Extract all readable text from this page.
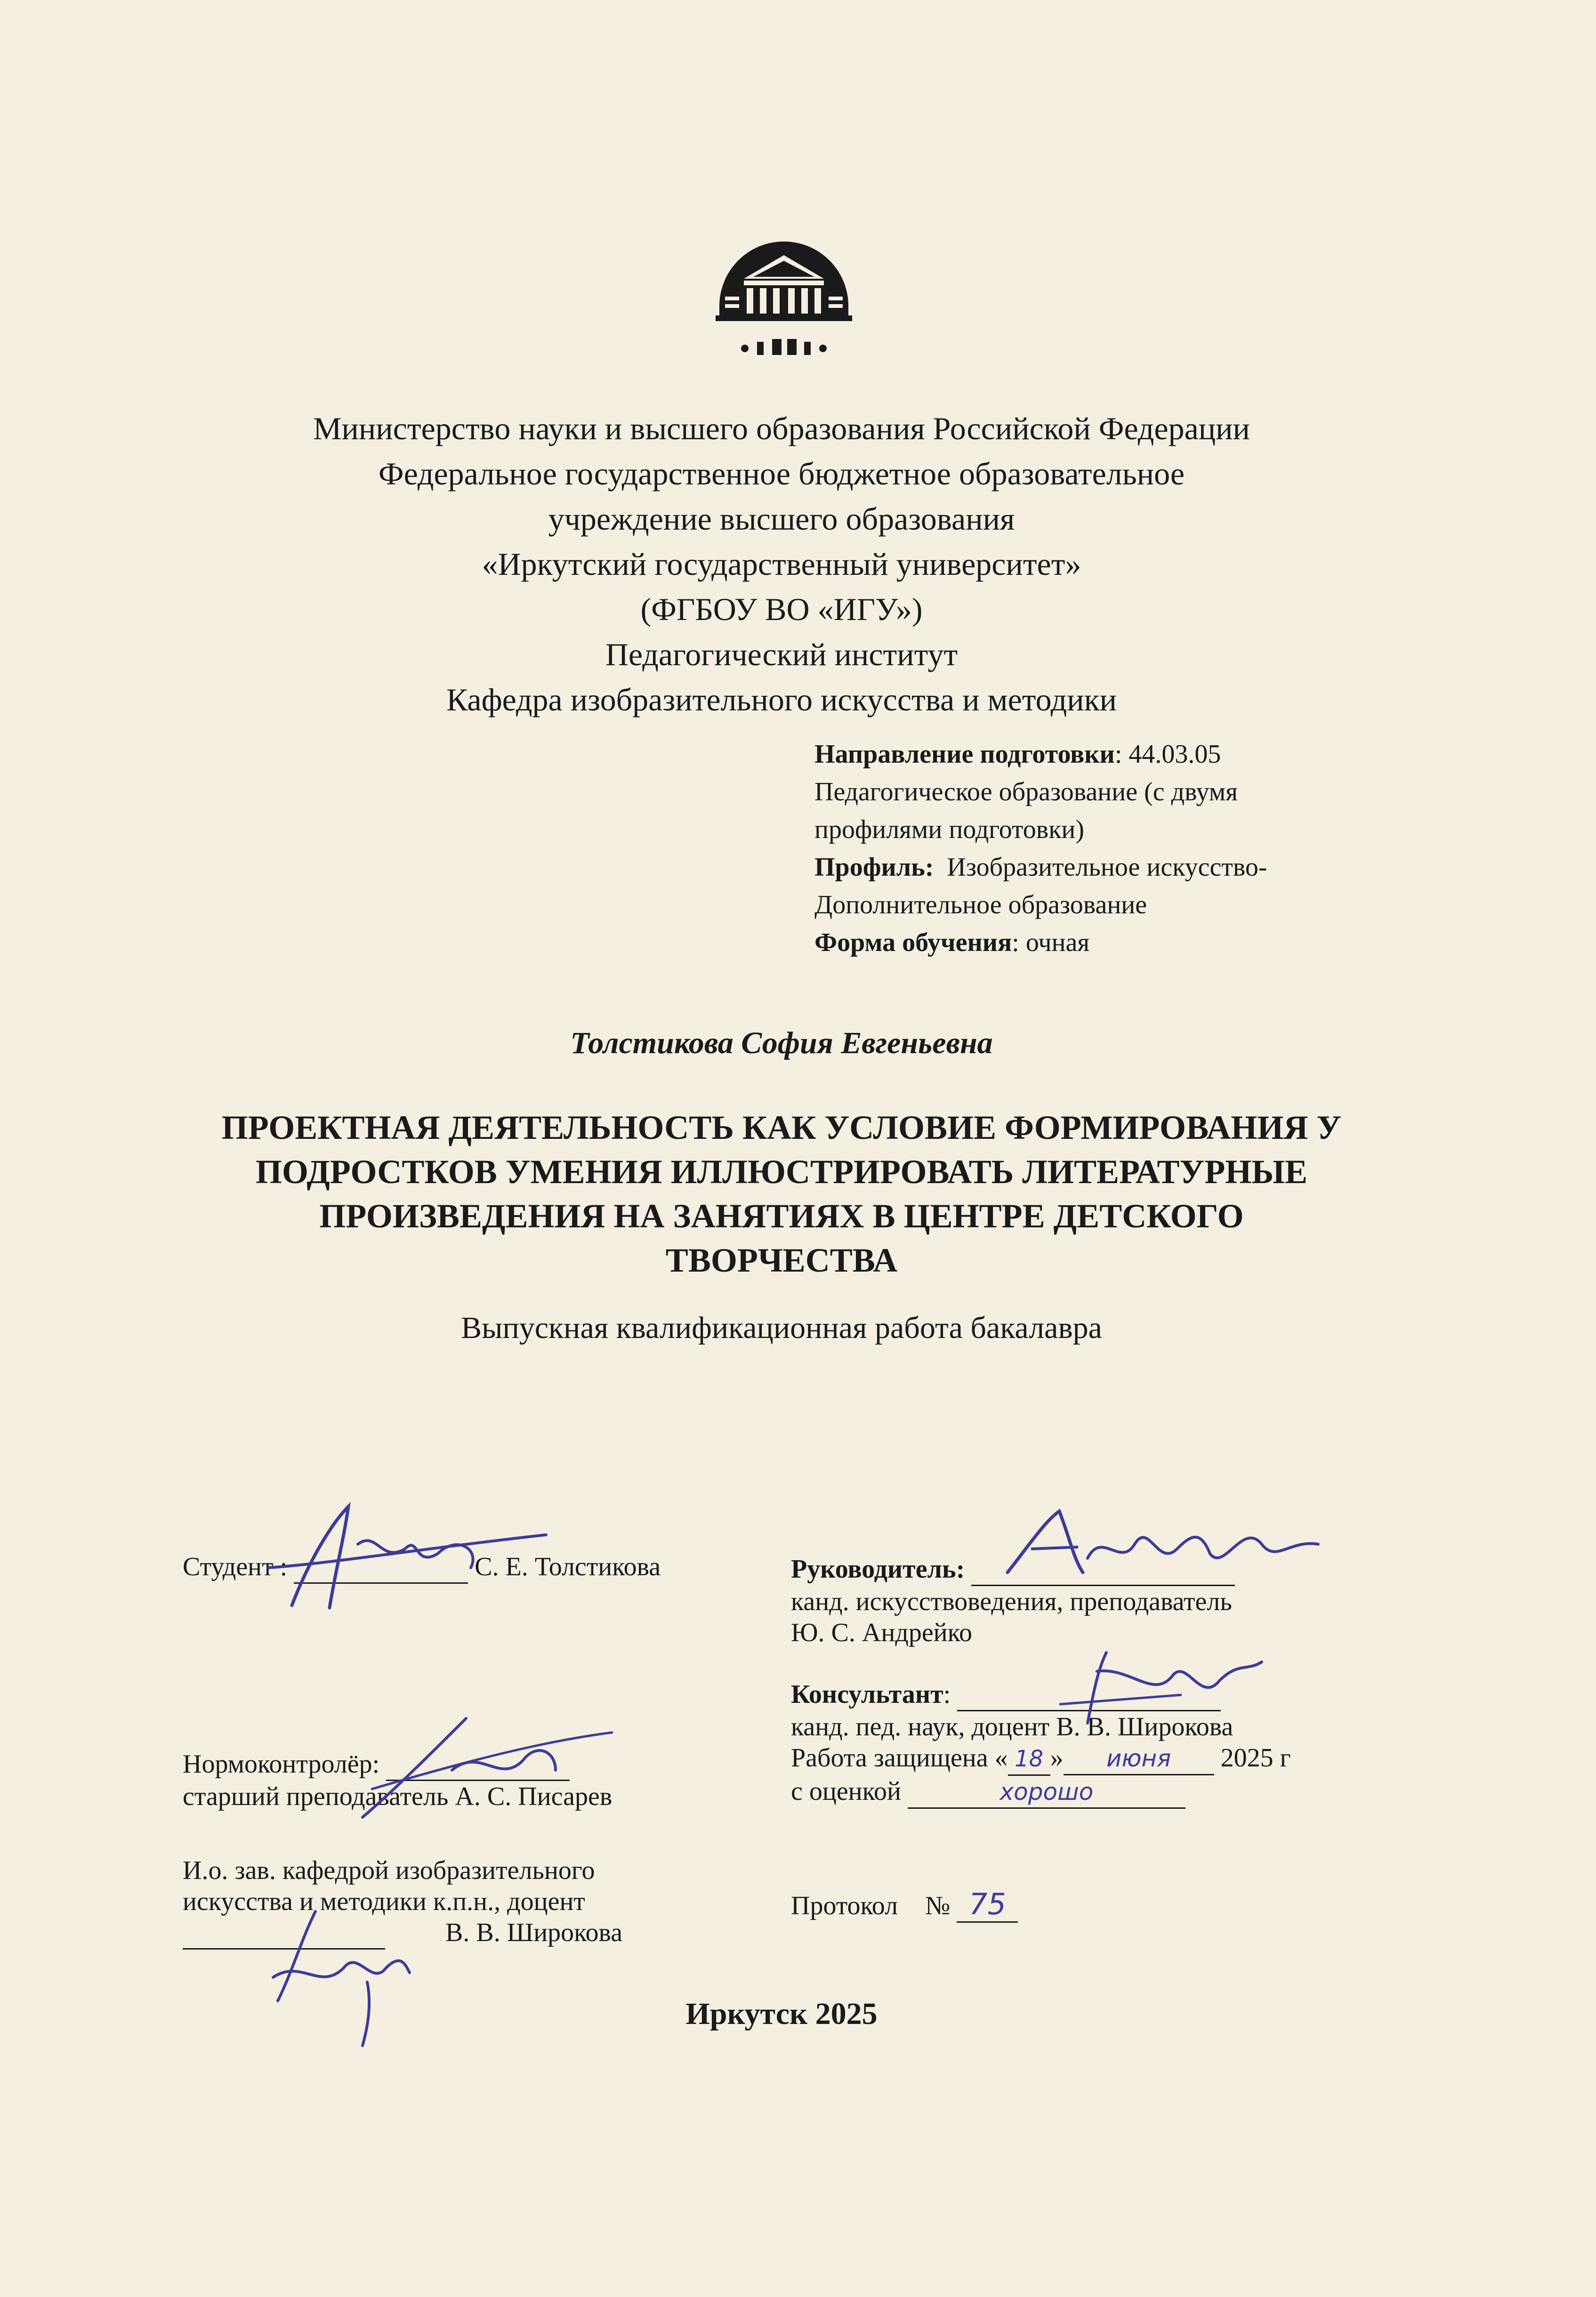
Министерство науки и высшего образования Российской Федерации
Федеральное государственное бюджетное образовательное
учреждение высшего образования
«Иркутский государственный университет»
(ФГБОУ ВО «ИГУ»)
Педагогический институт
Кафедра изобразительного искусства и методики
Направление подготовки: 44.03.05
Педагогическое образование (с двумя
профилями подготовки)
Профиль:  Изобразительное искусство-
Дополнительное образование
Форма обучения: очная
Толстикова София Евгеньевна
ПРОЕКТНАЯ ДЕЯТЕЛЬНОСТЬ КАК УСЛОВИЕ ФОРМИРОВАНИЯ У
ПОДРОСТКОВ УМЕНИЯ ИЛЛЮСТРИРОВАТЬ ЛИТЕРАТУРНЫЕ
ПРОИЗВЕДЕНИЯ НА ЗАНЯТИЯХ В ЦЕНТРЕ ДЕТСКОГО
ТВОРЧЕСТВА
Выпускная квалификационная работа бакалавра
Студент :	С. Е. Толстикова
Нормоконтролёр:
старший преподаватель А. С. Писарев
И.о. зав. кафедрой изобразительного
искусства и методики к.п.н., доцент
В. В. Широкова
Руководитель:
канд. искусствоведения, преподаватель
Ю. С. Андрейко
Консультант:
канд. пед. наук, доцент В. В. Широкова
Работа защищена « 18 » июня 2025 г
с оценкой	хорошо
Протокол № 75
Иркутск 2025
